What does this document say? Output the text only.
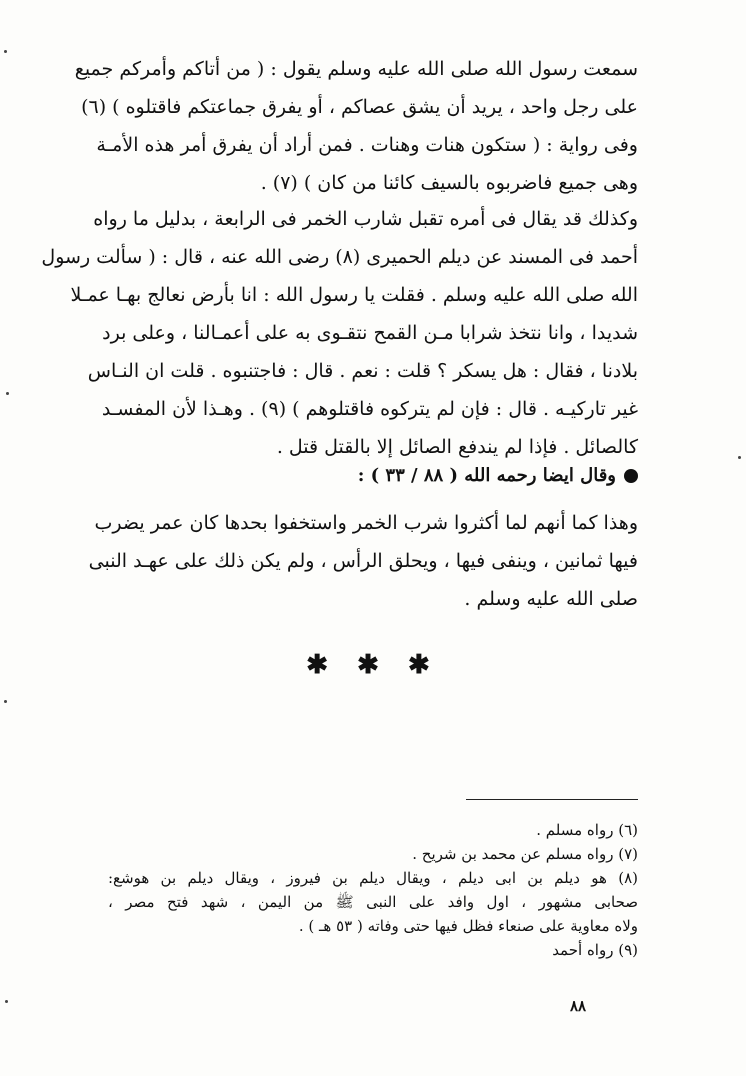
سمعت رسول الله صلى الله عليه وسلم يقول : ( من أتاكم وأمركم جميع
على رجل واحد ، يريد أن يشق عصاكم ، أو يفرق جماعتكم فاقتلوه ) (٦)
وفى رواية : ( ستكون هنات وهنات . فمن أراد أن يفرق أمر هذه الأمـة
وهى جميع فاضربوه بالسيف كائنا من كان ) (٧) .
وكذلك قد يقال فى أمره تقبل شارب الخمر فى الرابعة ، بدليل ما رواه
أحمد فى المسند عن ديلم الحميرى (٨) رضى الله عنه ، قال : ( سألت رسول
الله صلى الله عليه وسلم . فقلت يا رسول الله : انا بأرض نعالج بهـا عمـلا
شديدا ، وانا نتخذ شرابا مـن القمح نتقـوى به على أعمـالنا ، وعلى برد
بلادنا ، فقال : هل يسكر ؟ قلت : نعم . قال : فاجتنبوه . قلت ان النـاس
غير تاركيـه . قال : فإن لم يتركوه فاقتلوهم ) (٩) . وهـذا لأن المفسـد
كالصائل . فإذا لم يندفع الصائل إلا بالقتل قتل .
وقال ايضا رحمه الله ( ٨٨ / ٣٣ ) :
وهذا كما أنهم لما أكثروا شرب الخمر واستخفوا بحدها كان عمر يضرب
فيها ثمانين ، وينفى فيها ، ويحلق الرأس ، ولم يكن ذلك على عهـد النبى
صلى الله عليه وسلم .
✱ ✱ ✱
(٦) رواه مسلم .
(٧) رواه مسلم عن محمد بن شريح .
(٨) هو ديلم بن ابى ديلم ، ويقال ديلم بن فيروز ، ويقال ديلم بن هوشع:
صحابى مشهور ، اول وافد على النبى ﷺ من اليمن ، شهد فتح مصر ،
ولاه معاوية على صنعاء فظل فيها حتى وفاته ( ٥٣ هـ ) .
(٩) رواه أحمد
٨٨
